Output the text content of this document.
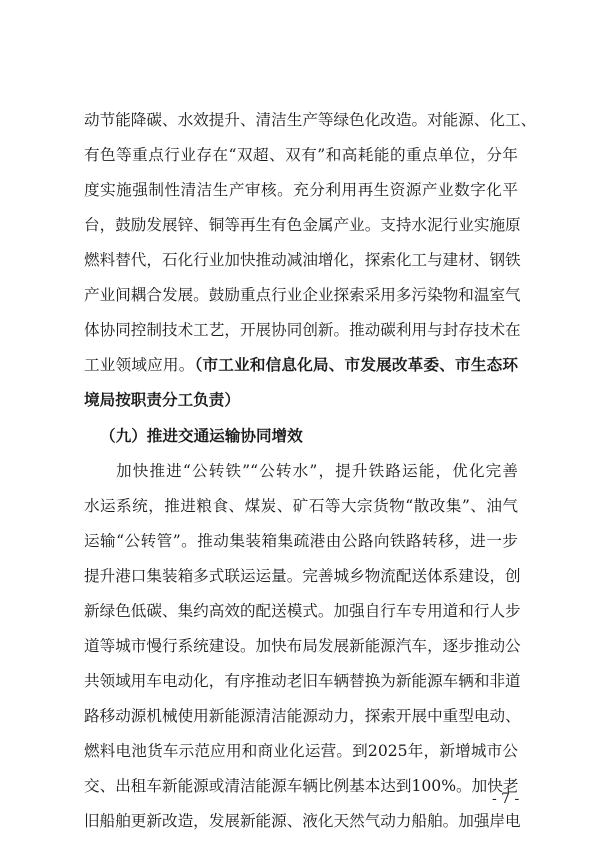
动节能降碳、水效提升、清洁生产等绿色化改造。对能源、化工、
有色等重点行业存在“双超、双有”和高耗能的重点单位，分年
度实施强制性清洁生产审核。充分利用再生资源产业数字化平
台，鼓励发展锌、铜等再生有色金属产业。支持水泥行业实施原
燃料替代，石化行业加快推动减油增化，探索化工与建材、钢铁
产业间耦合发展。鼓励重点行业企业探索采用多污染物和温室气
体协同控制技术工艺，开展协同创新。推动碳利用与封存技术在
工业领域应用。（市工业和信息化局、市发展改革委、市生态环
境局按职责分工负责）
（九）推进交通运输协同增效
加快推进“公转铁”“公转水”，提升铁路运能，优化完善
水运系统，推进粮食、煤炭、矿石等大宗货物“散改集”、油气
运输“公转管”。推动集装箱集疏港由公路向铁路转移，进一步
提升港口集装箱多式联运运量。完善城乡物流配送体系建设，创
新绿色低碳、集约高效的配送模式。加强自行车专用道和行人步
道等城市慢行系统建设。加快布局发展新能源汽车，逐步推动公
共领域用车电动化，有序推动老旧车辆替换为新能源车辆和非道
路移动源机械使用新能源清洁能源动力，探索开展中重型电动、
燃料电池货车示范应用和商业化运营。到2025年，新增城市公
交、出租车新能源或清洁能源车辆比例基本达到100%。加快老
旧船舶更新改造，发展新能源、液化天然气动力船舶。加强岸电
- 7 -
